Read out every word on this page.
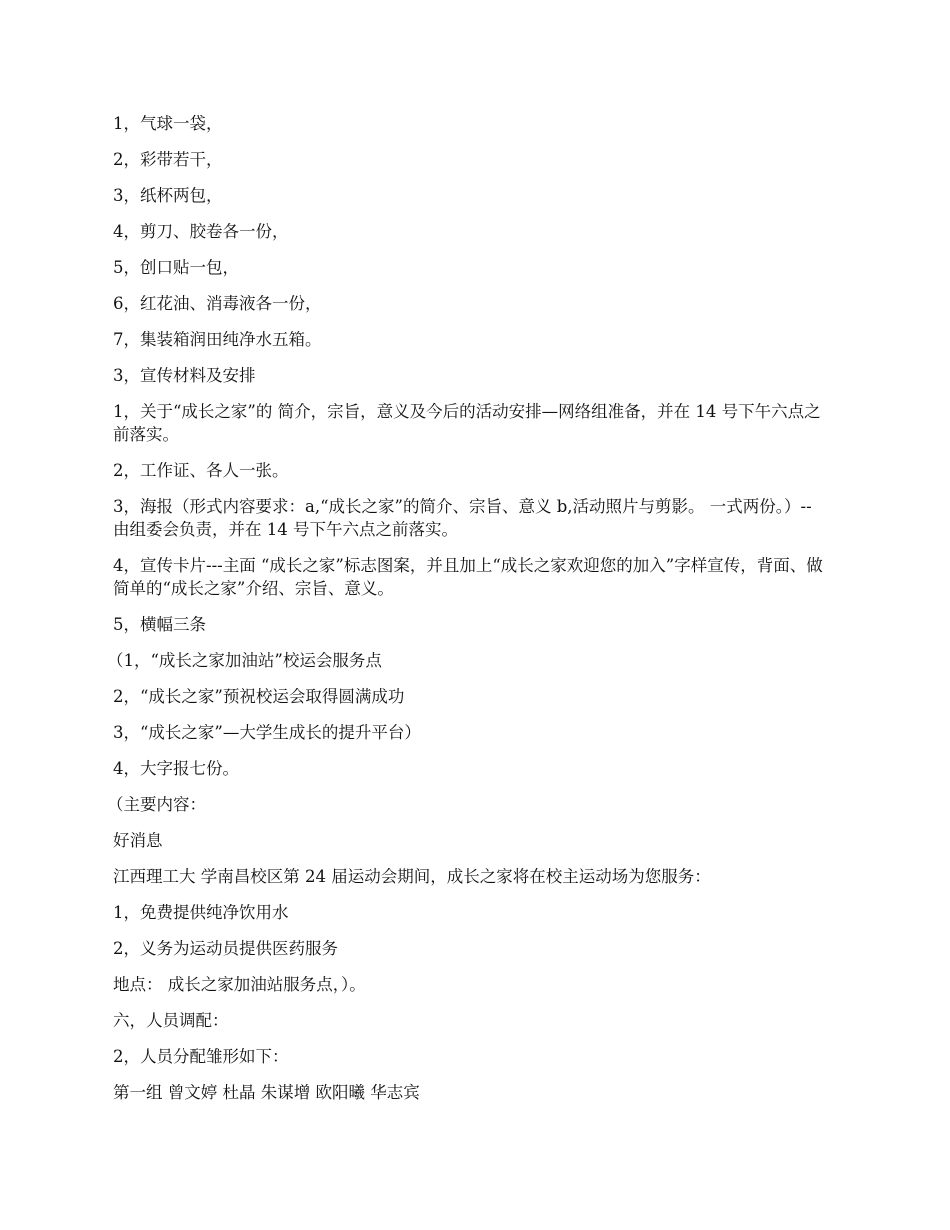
1，气球一袋，

2，彩带若干，

3，纸杯两包，

4，剪刀、胶卷各一份，

5，创口贴一包，

6，红花油、消毒液各一份，

7，集装箱润田纯净水五箱。

3，宣传材料及安排

1，关于“成长之家”的 简介，宗旨，意义及今后的活动安排—网络组准备，并在 14 号下午六点之前落实。

2，工作证、各人一张。

3，海报（形式内容要求：a,“成长之家”的简介、宗旨、意义 b,活动照片与剪影。 一式两份。）--由组委会负责，并在 14 号下午六点之前落实。

4，宣传卡片---主面 “成长之家”标志图案，并且加上“成长之家欢迎您的加入”字样宣传，背面、做简单的“成长之家”介绍、宗旨、意义。

5，横幅三条

（1，“成长之家加油站”校运会服务点

2，“成长之家”预祝校运会取得圆满成功

3，“成长之家”—大学生成长的提升平台）

4，大字报七份。

（主要内容：

好消息

江西理工大 学南昌校区第 24 届运动会期间，成长之家将在校主运动场为您服务：

1，免费提供纯净饮用水

2，义务为运动员提供医药服务

地点： 成长之家加油站服务点，）。

六，人员调配：

2，人员分配雏形如下：

第一组 曾文婷 杜晶 朱谋增 欧阳曦 华志宾
